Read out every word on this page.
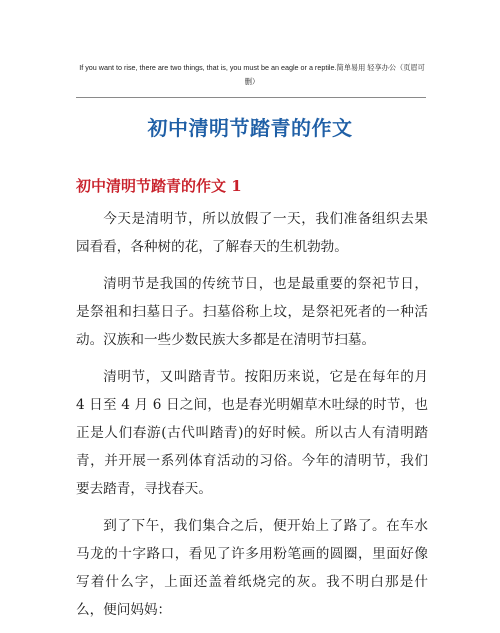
If you want to rise, there are two things, that is, you must be an eagle or a reptile.简单易用 轻享办公（页眉可删）
初中清明节踏青的作文
初中清明节踏青的作文 1

今天是清明节，所以放假了一天，我们准备组织去果园看看，各种树的花，了解春天的生机勃勃。

清明节是我国的传统节日，也是最重要的祭祀节日，是祭祖和扫墓日子。扫墓俗称上坟，是祭祀死者的一种活动。汉族和一些少数民族大多都是在清明节扫墓。

清明节，又叫踏青节。按阳历来说，它是在每年的月 4 日至 4 月 6 日之间，也是春光明媚草木吐绿的时节，也正是人们春游(古代叫踏青)的好时候。所以古人有清明踏青，并开展一系列体育活动的习俗。今年的清明节，我们要去踏青，寻找春天。

到了下午，我们集合之后，便开始上了路了。在车水马龙的十字路口，看见了许多用粉笔画的圆圈，里面好像写着什么字，上面还盖着纸烧完的灰。我不明白那是什么，便问妈妈：
